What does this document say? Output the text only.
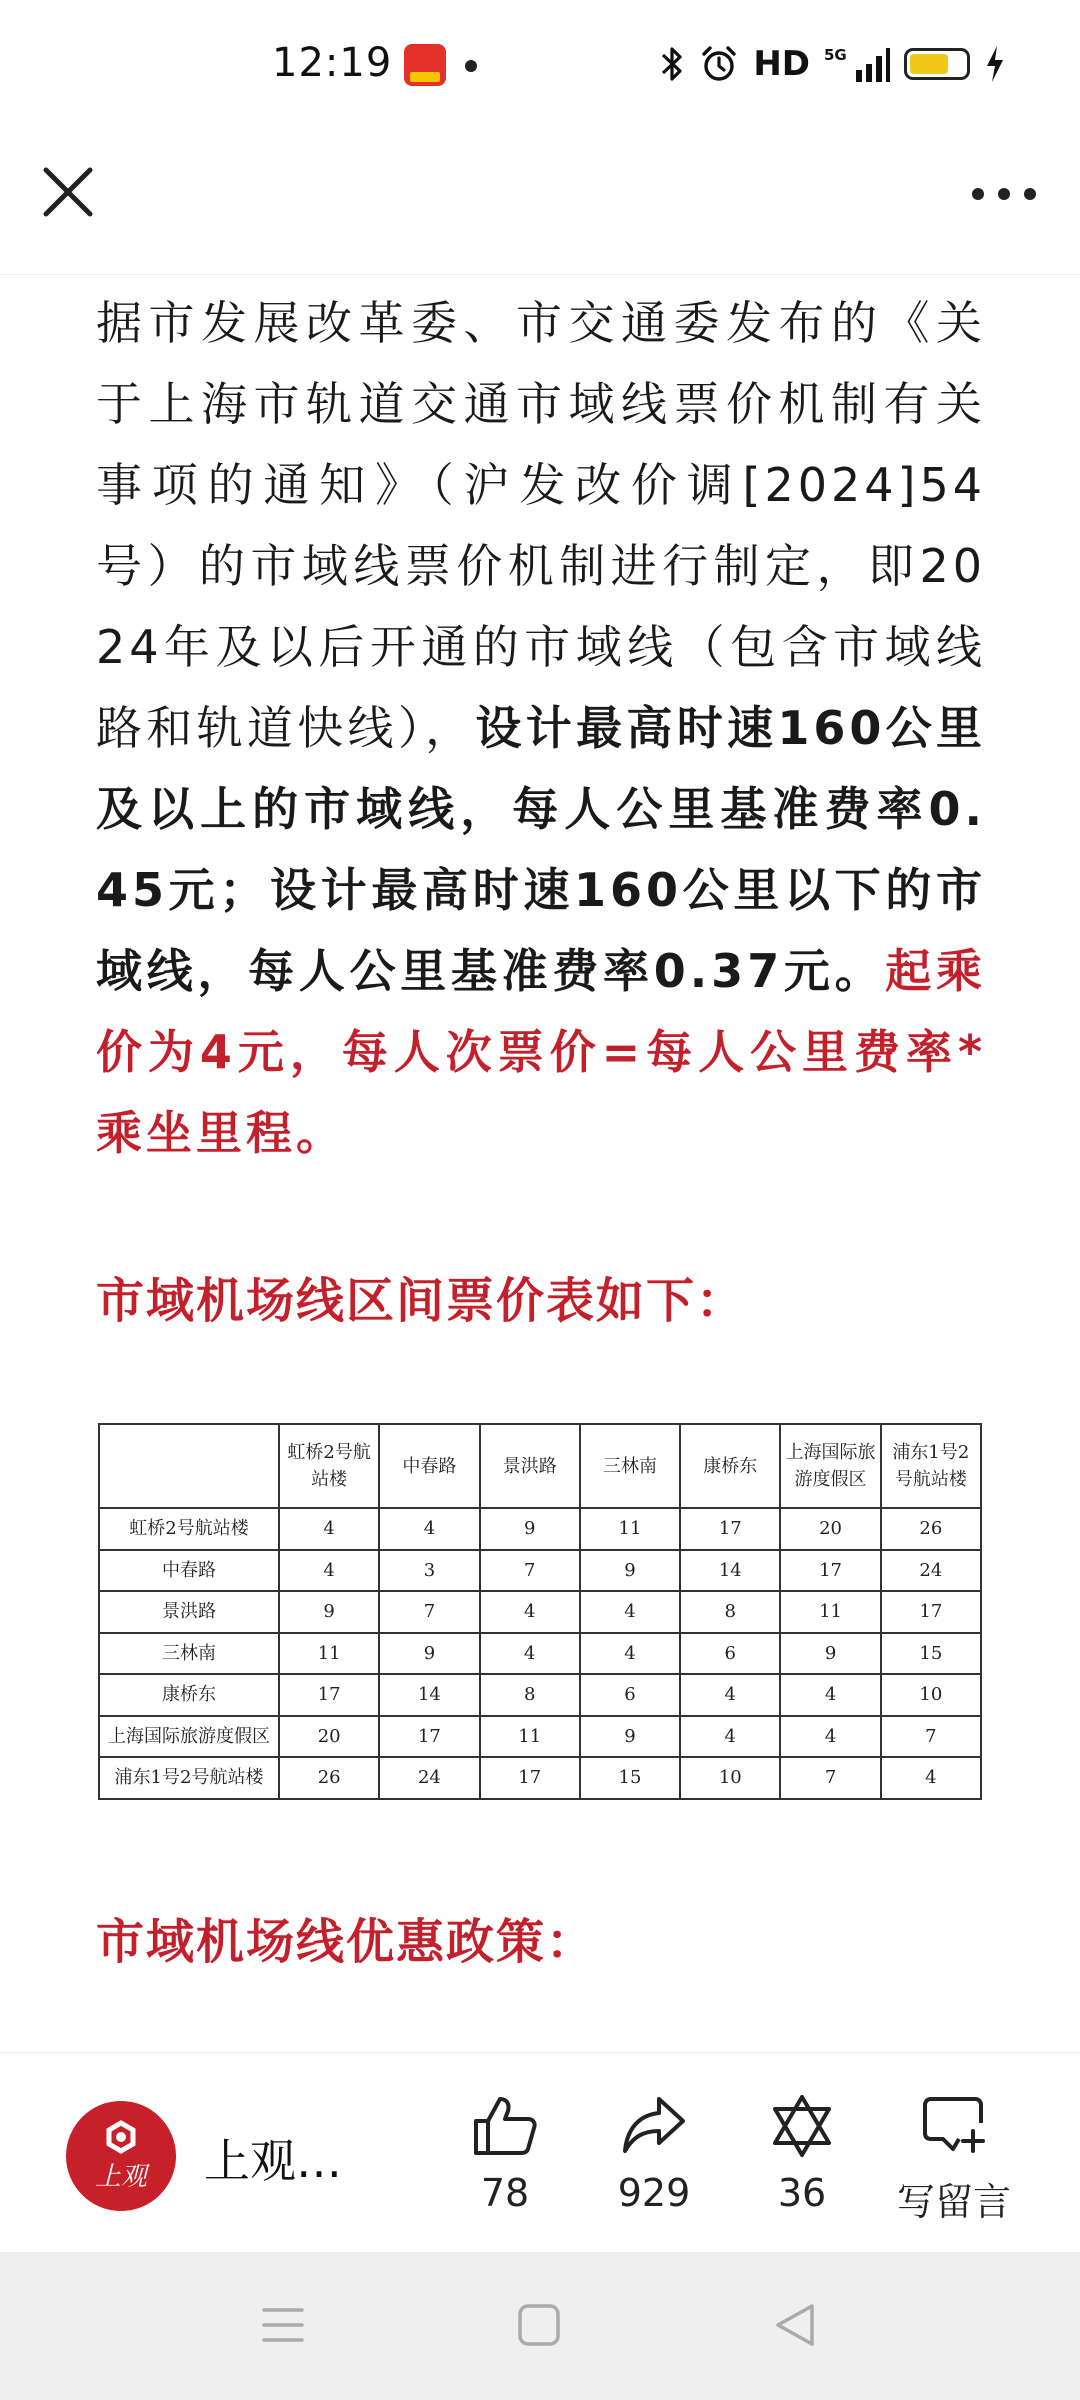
12:19	HD 5G

据市发展改革委、市交通委发布的《关于上海市轨道交通市域线票价机制有关事项的通知》（沪发改价调[2024]54号）的市域线票价机制进行制定，即2024年及以后开通的市域线（包含市域线路和轨道快线），设计最高时速160公里及以上的市域线，每人公里基准费率0.45元；设计最高时速160公里以下的市域线，每人公里基准费率0.37元。起乘价为4元，每人次票价=每人公里费率*乘坐里程。

市域机场线区间票价表如下：
	虹桥2号航站楼	中春路	景洪路	三林南	康桥东	上海国际旅游度假区	浦东1号2号航站楼
虹桥2号航站楼	4	4	9	11	17	20	26
中春路	4	3	7	9	14	17	24
景洪路	9	7	4	4	8	11	17
三林南	11	9	4	4	6	9	15
康桥东	17	14	8	6	4	4	10
上海国际旅游度假区	20	17	11	9	4	4	7
浦东1号2号航站楼	26	24	17	15	10	7	4
市域机场线优惠政策：
上观 上观…
78	929	36	写留言
